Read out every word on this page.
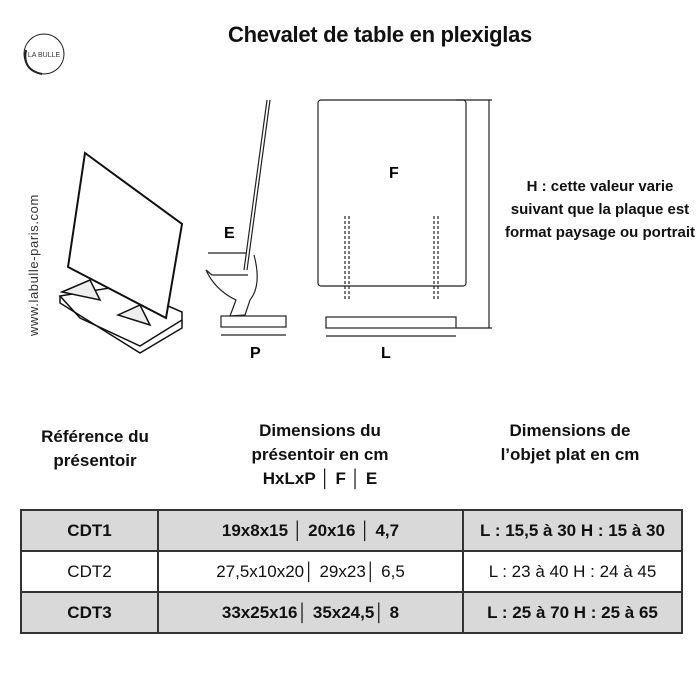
Chevalet de table en plexiglas
LA BULLE
www.labulle-paris.com	E
F
P	L
H : cette valeur varie suivant que la plaque est format paysage ou portrait
Référence du
présentoir
Dimensions du
présentoir en cm
HxLxP │ F │ E
Dimensions de
l’objet plat en cm
CDT1	19x8x15 │ 20x16 │ 4,7	L : 15,5 à 30 H : 15 à 30
CDT2	27,5x10x20│ 29x23│ 6,5	L : 23 à 40 H : 24 à 45
CDT3	33x25x16│ 35x24,5│ 8	L : 25 à 70 H : 25 à 65
